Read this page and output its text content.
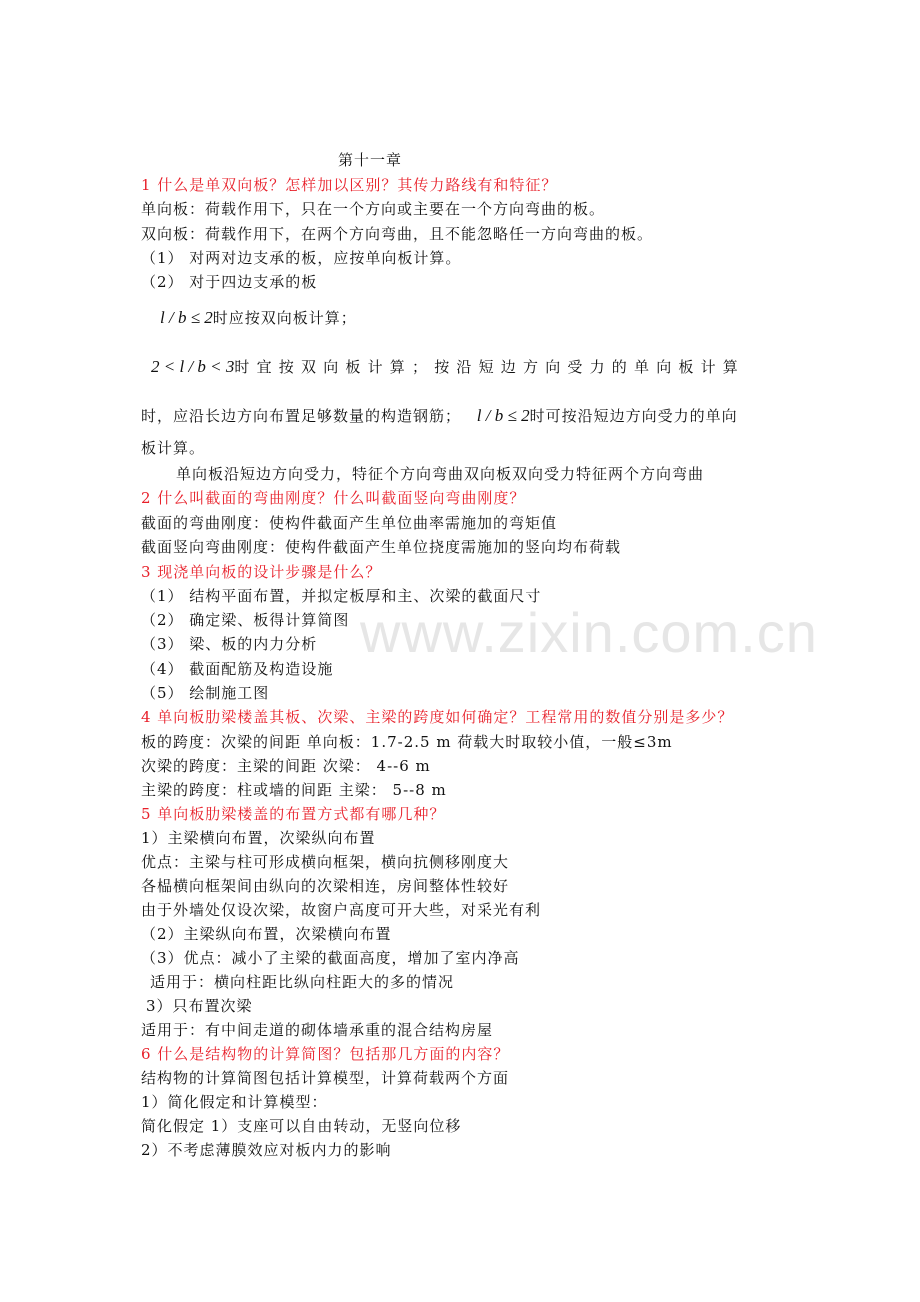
www.zixin.com.cn
第十一章
1 什么是单双向板？怎样加以区别？其传力路线有和特征？
单向板：荷载作用下，只在一个方向或主要在一个方向弯曲的板。
双向板：荷载作用下，在两个方向弯曲，且不能忽略任一方向弯曲的板。
（1） 对两对边支承的板，应按单向板计算。
（2） 对于四边支承的板
l / b ≤ 2时应按双向板计算；
2 < l / b < 3时宜按双向板计算；按沿短边方向受力的单向板计算
时，应沿长边方向布置足够数量的构造钢筋； l / b ≤ 2时可按沿短边方向受力的单向
板计算。
单向板沿短边方向受力，特征个方向弯曲双向板双向受力特征两个方向弯曲
2 什么叫截面的弯曲刚度？什么叫截面竖向弯曲刚度？
截面的弯曲刚度：使构件截面产生单位曲率需施加的弯矩值
截面竖向弯曲刚度：使构件截面产生单位挠度需施加的竖向均布荷载
3 现浇单向板的设计步骤是什么？
（1） 结构平面布置，并拟定板厚和主、次梁的截面尺寸
（2） 确定梁、板得计算简图
（3） 梁、板的内力分析
（4） 截面配筋及构造设施
（5） 绘制施工图
4 单向板肋梁楼盖其板、次梁、主梁的跨度如何确定？工程常用的数值分别是多少？
板的跨度：次梁的间距 单向板：1.7-2.5 m 荷载大时取较小值，一般≤3m
次梁的跨度：主梁的间距 次梁： 4--6 m
主梁的跨度：柱或墙的间距 主梁： 5--8 m
5 单向板肋梁楼盖的布置方式都有哪几种？
1）主梁横向布置，次梁纵向布置
优点：主梁与柱可形成横向框架，横向抗侧移刚度大
各榀横向框架间由纵向的次梁相连，房间整体性较好
由于外墙处仅设次梁，故窗户高度可开大些，对采光有利
（2）主梁纵向布置，次梁横向布置
（3）优点：减小了主梁的截面高度，增加了室内净高
适用于：横向柱距比纵向柱距大的多的情况
3）只布置次梁
适用于：有中间走道的砌体墙承重的混合结构房屋
6 什么是结构物的计算简图？包括那几方面的内容？
结构物的计算简图包括计算模型，计算荷载两个方面
1）简化假定和计算模型：
简化假定 1）支座可以自由转动，无竖向位移
2）不考虑薄膜效应对板内力的影响
